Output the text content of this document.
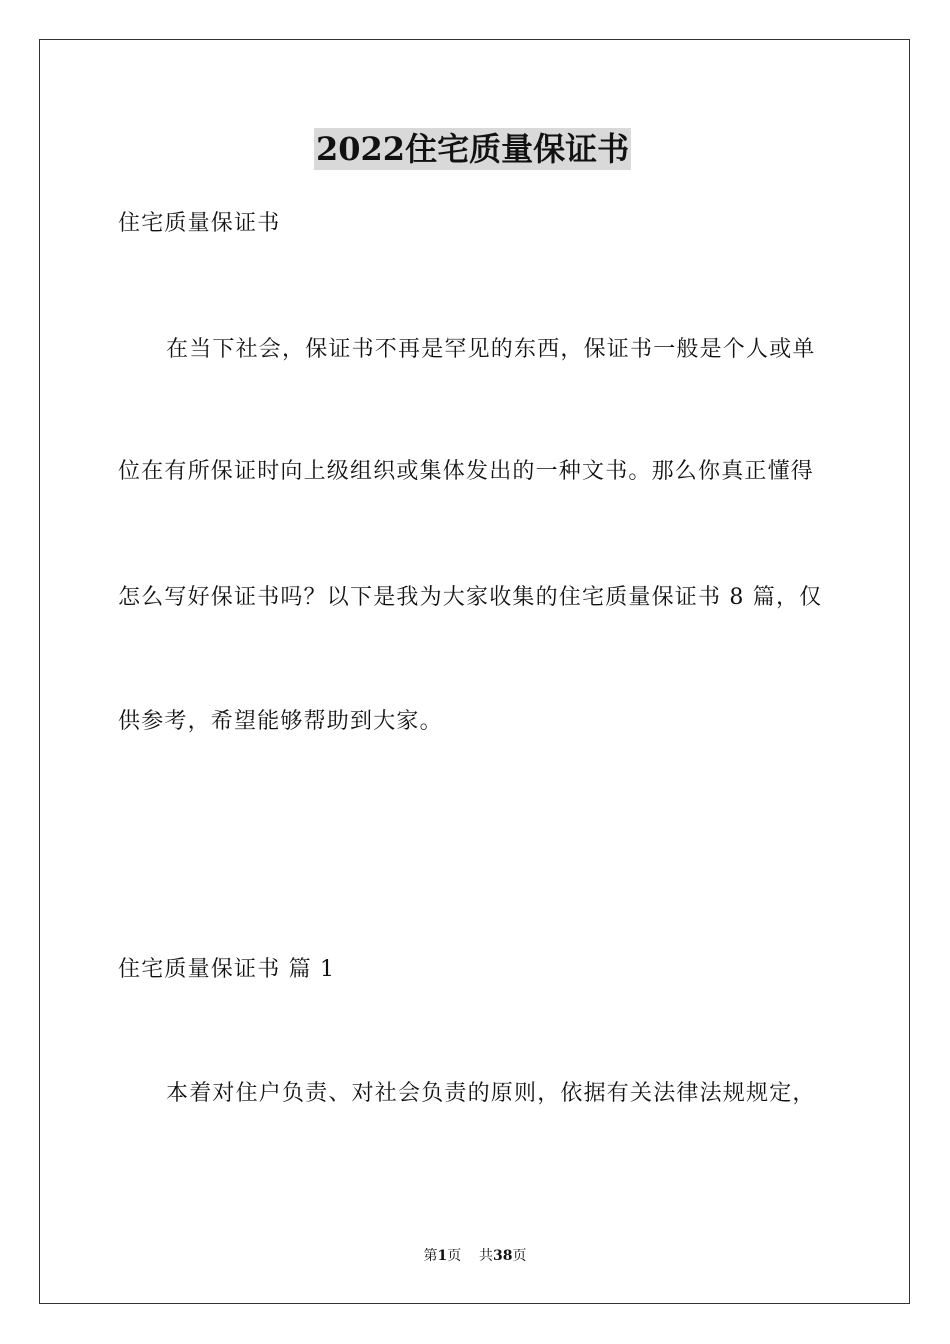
2022住宅质量保证书
住宅质量保证书
在当下社会，保证书不再是罕见的东西，保证书一般是个人或单
位在有所保证时向上级组织或集体发出的一种文书。那么你真正懂得
怎么写好保证书吗？以下是我为大家收集的住宅质量保证书 8 篇，仅
供参考，希望能够帮助到大家。
住宅质量保证书 篇 1
本着对住户负责、对社会负责的原则，依据有关法律法规规定，
第1页 共38页
